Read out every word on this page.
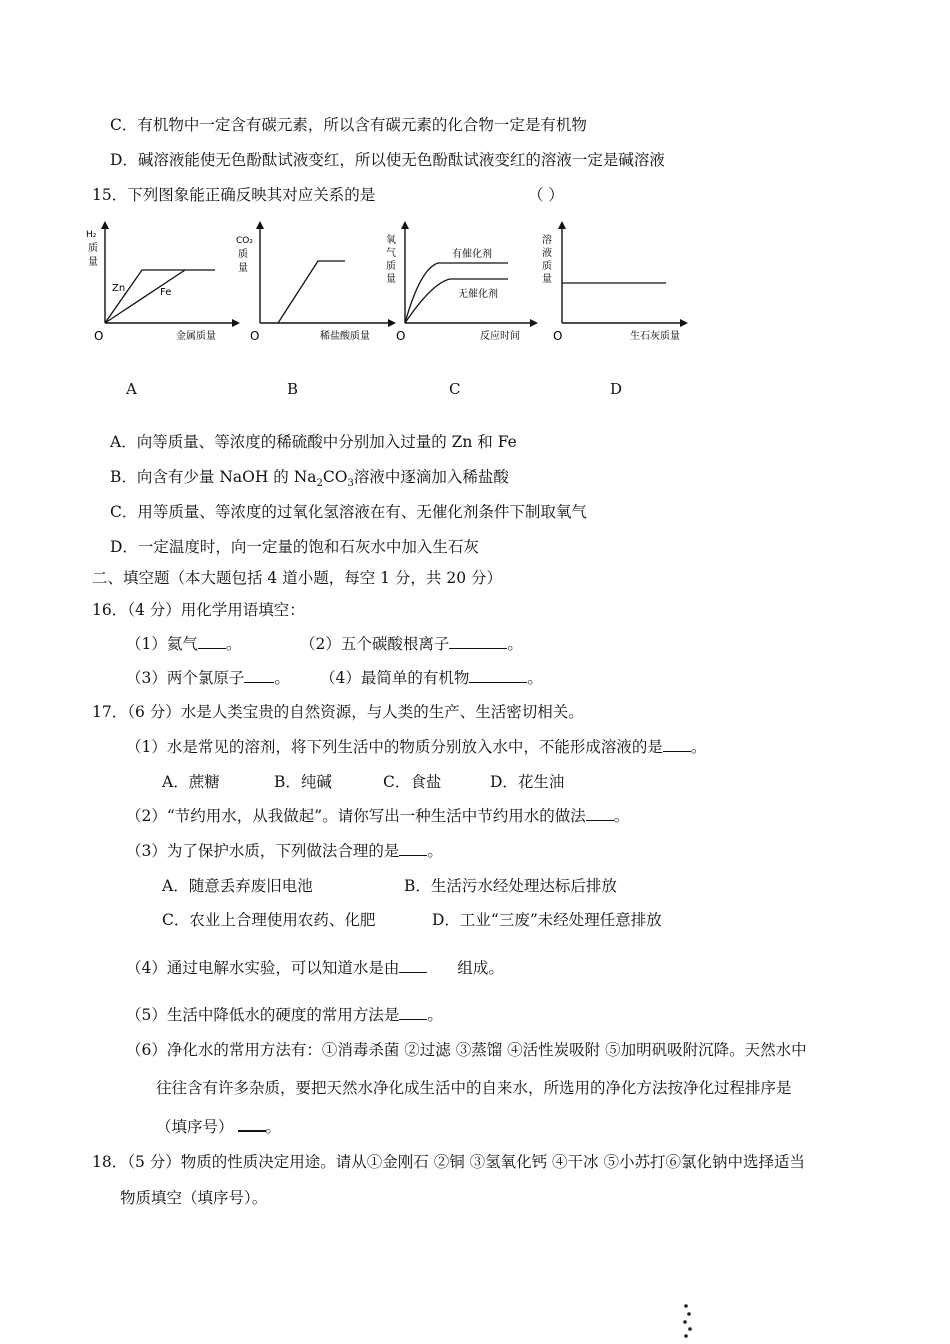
C．有机物中一定含有碳元素，所以含有碳元素的化合物一定是有机物
D．碱溶液能使无色酚酞试液变红，所以使无色酚酞试液变红的溶液一定是碱溶液
15．下列图象能正确反映其对应关系的是	（ ）
H₂
质
量
Zn	Fe
O	金属质量
CO₂
质
量
O	稀盐酸质量
氧
气
质
量
有催化剂
无催化剂
O	反应时间
溶
液
质
量
O	生石灰质量
A	B	C	D
A．向等质量、等浓度的稀硫酸中分别加入过量的 Zn 和 Fe
B．向含有少量 NaOH 的 $Na_2CO_3$溶液中逐滴加入稀盐酸
C．用等质量、等浓度的过氧化氢溶液在有、无催化剂条件下制取氧气
D．一定温度时，向一定量的饱和石灰水中加入生石灰
二、填空题（本大题包括 4 道小题，每空 1 分，共 20 分）
16．（4 分）用化学用语填空：
（1）氦气 。	（2）五个碳酸根离子	。
（3）两个氯原子 。 （4）最简单的有机物	。
17．（6 分）水是人类宝贵的自然资源，与人类的生产、生活密切相关。
（1）水是常见的溶剂，将下列生活中的物质分别放入水中，不能形成溶液的是 。
A．蔗糖	B．纯碱	C．食盐	D．花生油
（2）“节约用水，从我做起”。请你写出一种生活中节约用水的做法 。
（3）为了保护水质，下列做法合理的是 。
A．随意丢弃废旧电池	B．生活污水经处理达标后排放
C．农业上合理使用农药、化肥	D．工业“三废”未经处理任意排放
（4）通过电解水实验，可以知道水是由	组成。
（5）生活中降低水的硬度的常用方法是 。
（6）净化水的常用方法有：①消毒杀菌 ②过滤 ③蒸馏 ④活性炭吸附 ⑤加明矾吸附沉降。天然水中
往往含有许多杂质，要把天然水净化成生活中的自来水，所选用的净化方法按净化过程排序是
（填序号） 。
18．（5 分）物质的性质决定用途。请从①金刚石 ②铜 ③氢氧化钙 ④干冰 ⑤小苏打⑥氯化钠中选择适当
物质填空（填序号）。
